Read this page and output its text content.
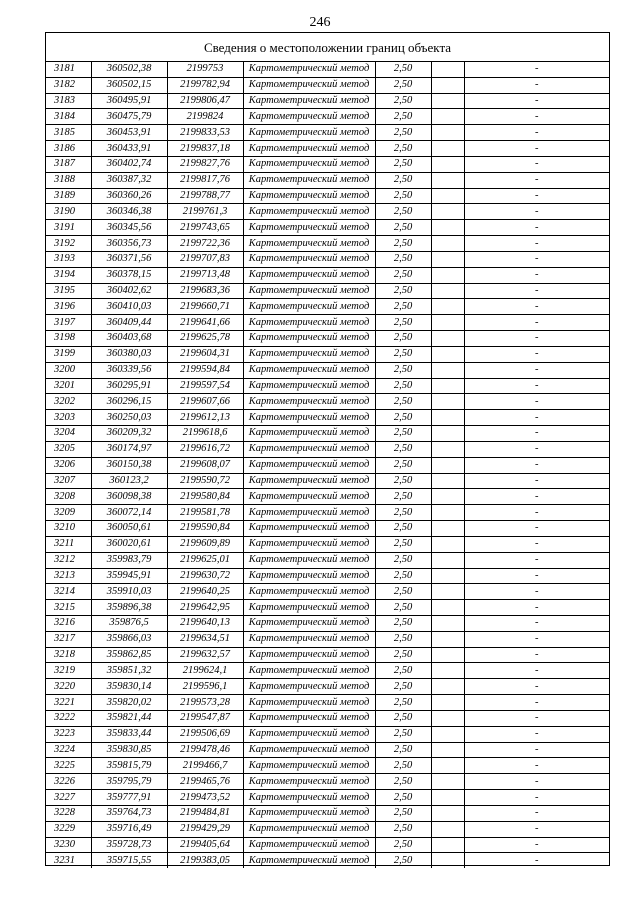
246
Сведения о местоположении границ объекта
3181	360502,38	2199753	Картометрический метод	2,50		-
3182	360502,15	2199782,94	Картометрический метод	2,50		-
3183	360495,91	2199806,47	Картометрический метод	2,50		-
3184	360475,79	2199824	Картометрический метод	2,50		-
3185	360453,91	2199833,53	Картометрический метод	2,50		-
3186	360433,91	2199837,18	Картометрический метод	2,50		-
3187	360402,74	2199827,76	Картометрический метод	2,50		-
3188	360387,32	2199817,76	Картометрический метод	2,50		-
3189	360360,26	2199788,77	Картометрический метод	2,50		-
3190	360346,38	2199761,3	Картометрический метод	2,50		-
3191	360345,56	2199743,65	Картометрический метод	2,50		-
3192	360356,73	2199722,36	Картометрический метод	2,50		-
3193	360371,56	2199707,83	Картометрический метод	2,50		-
3194	360378,15	2199713,48	Картометрический метод	2,50		-
3195	360402,62	2199683,36	Картометрический метод	2,50		-
3196	360410,03	2199660,71	Картометрический метод	2,50		-
3197	360409,44	2199641,66	Картометрический метод	2,50		-
3198	360403,68	2199625,78	Картометрический метод	2,50		-
3199	360380,03	2199604,31	Картометрический метод	2,50		-
3200	360339,56	2199594,84	Картометрический метод	2,50		-
3201	360295,91	2199597,54	Картометрический метод	2,50		-
3202	360296,15	2199607,66	Картометрический метод	2,50		-
3203	360250,03	2199612,13	Картометрический метод	2,50		-
3204	360209,32	2199618,6	Картометрический метод	2,50		-
3205	360174,97	2199616,72	Картометрический метод	2,50		-
3206	360150,38	2199608,07	Картометрический метод	2,50		-
3207	360123,2	2199590,72	Картометрический метод	2,50		-
3208	360098,38	2199580,84	Картометрический метод	2,50		-
3209	360072,14	2199581,78	Картометрический метод	2,50		-
3210	360050,61	2199590,84	Картометрический метод	2,50		-
3211	360020,61	2199609,89	Картометрический метод	2,50		-
3212	359983,79	2199625,01	Картометрический метод	2,50		-
3213	359945,91	2199630,72	Картометрический метод	2,50		-
3214	359910,03	2199640,25	Картометрический метод	2,50		-
3215	359896,38	2199642,95	Картометрический метод	2,50		-
3216	359876,5	2199640,13	Картометрический метод	2,50		-
3217	359866,03	2199634,51	Картометрический метод	2,50		-
3218	359862,85	2199632,57	Картометрический метод	2,50		-
3219	359851,32	2199624,1	Картометрический метод	2,50		-
3220	359830,14	2199596,1	Картометрический метод	2,50		-
3221	359820,02	2199573,28	Картометрический метод	2,50		-
3222	359821,44	2199547,87	Картометрический метод	2,50		-
3223	359833,44	2199506,69	Картометрический метод	2,50		-
3224	359830,85	2199478,46	Картометрический метод	2,50		-
3225	359815,79	2199466,7	Картометрический метод	2,50		-
3226	359795,79	2199465,76	Картометрический метод	2,50		-
3227	359777,91	2199473,52	Картометрический метод	2,50		-
3228	359764,73	2199484,81	Картометрический метод	2,50		-
3229	359716,49	2199429,29	Картометрический метод	2,50		-
3230	359728,73	2199405,64	Картометрический метод	2,50		-
3231	359715,55	2199383,05	Картометрический метод	2,50		-
